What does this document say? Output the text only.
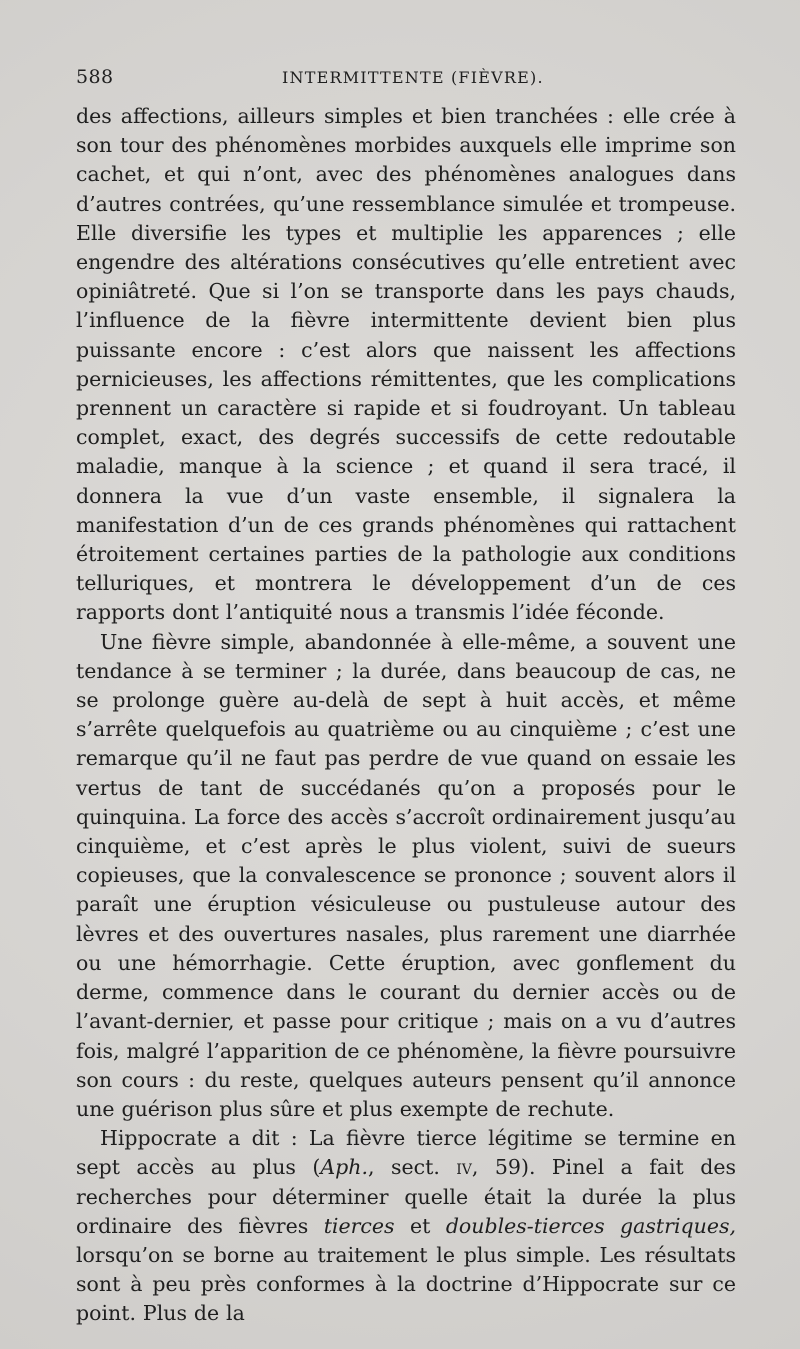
588	INTERMITTENTE (FIÈVRE).

des affections, ailleurs simples et bien tranchées : elle crée à son tour des phénomènes morbides auxquels elle imprime son cachet, et qui n’ont, avec des phénomènes analogues dans d’autres contrées, qu’une ressemblance simulée et trompeuse. Elle diversifie les types et multiplie les apparences ; elle engendre des altérations consécutives qu’elle entretient avec opiniâtreté. Que si l’on se transporte dans les pays chauds, l’influence de la fièvre intermittente devient bien plus puissante encore : c’est alors que naissent les affections pernicieuses, les affections rémittentes, que les complications prennent un caractère si rapide et si foudroyant. Un tableau complet, exact, des degrés successifs de cette redoutable maladie, manque à la science ; et quand il sera tracé, il donnera la vue d’un vaste ensemble, il signalera la manifestation d’un de ces grands phénomènes qui rattachent étroitement certaines parties de la pathologie aux conditions telluriques, et montrera le développement d’un de ces rapports dont l’antiquité nous a transmis l’idée féconde.

Une fièvre simple, abandonnée à elle-même, a souvent une tendance à se terminer ; la durée, dans beaucoup de cas, ne se prolonge guère au-delà de sept à huit accès, et même s’arrête quelquefois au quatrième ou au cinquième ; c’est une remarque qu’il ne faut pas perdre de vue quand on essaie les vertus de tant de succédanés qu’on a proposés pour le quinquina. La force des accès s’accroît ordinairement jusqu’au cinquième, et c’est après le plus violent, suivi de sueurs copieuses, que la convalescence se prononce ; souvent alors il paraît une éruption vésiculeuse ou pustuleuse autour des lèvres et des ouvertures nasales, plus rarement une diarrhée ou une hémorrhagie. Cette éruption, avec gonflement du derme, commence dans le courant du dernier accès ou de l’avant-dernier, et passe pour critique ; mais on a vu d’autres fois, malgré l’apparition de ce phénomène, la fièvre poursuivre son cours : du reste, quelques auteurs pensent qu’il annonce une guérison plus sûre et plus exempte de rechute.

Hippocrate a dit : La fièvre tierce légitime se termine en sept accès au plus (Aph., sect. iv, 59). Pinel a fait des recherches pour déterminer quelle était la durée la plus ordinaire des fièvres tierces et doubles-tierces gastriques, lorsqu’on se borne au traitement le plus simple. Les résultats sont à peu près conformes à la doctrine d’Hippocrate sur ce point. Plus de la
